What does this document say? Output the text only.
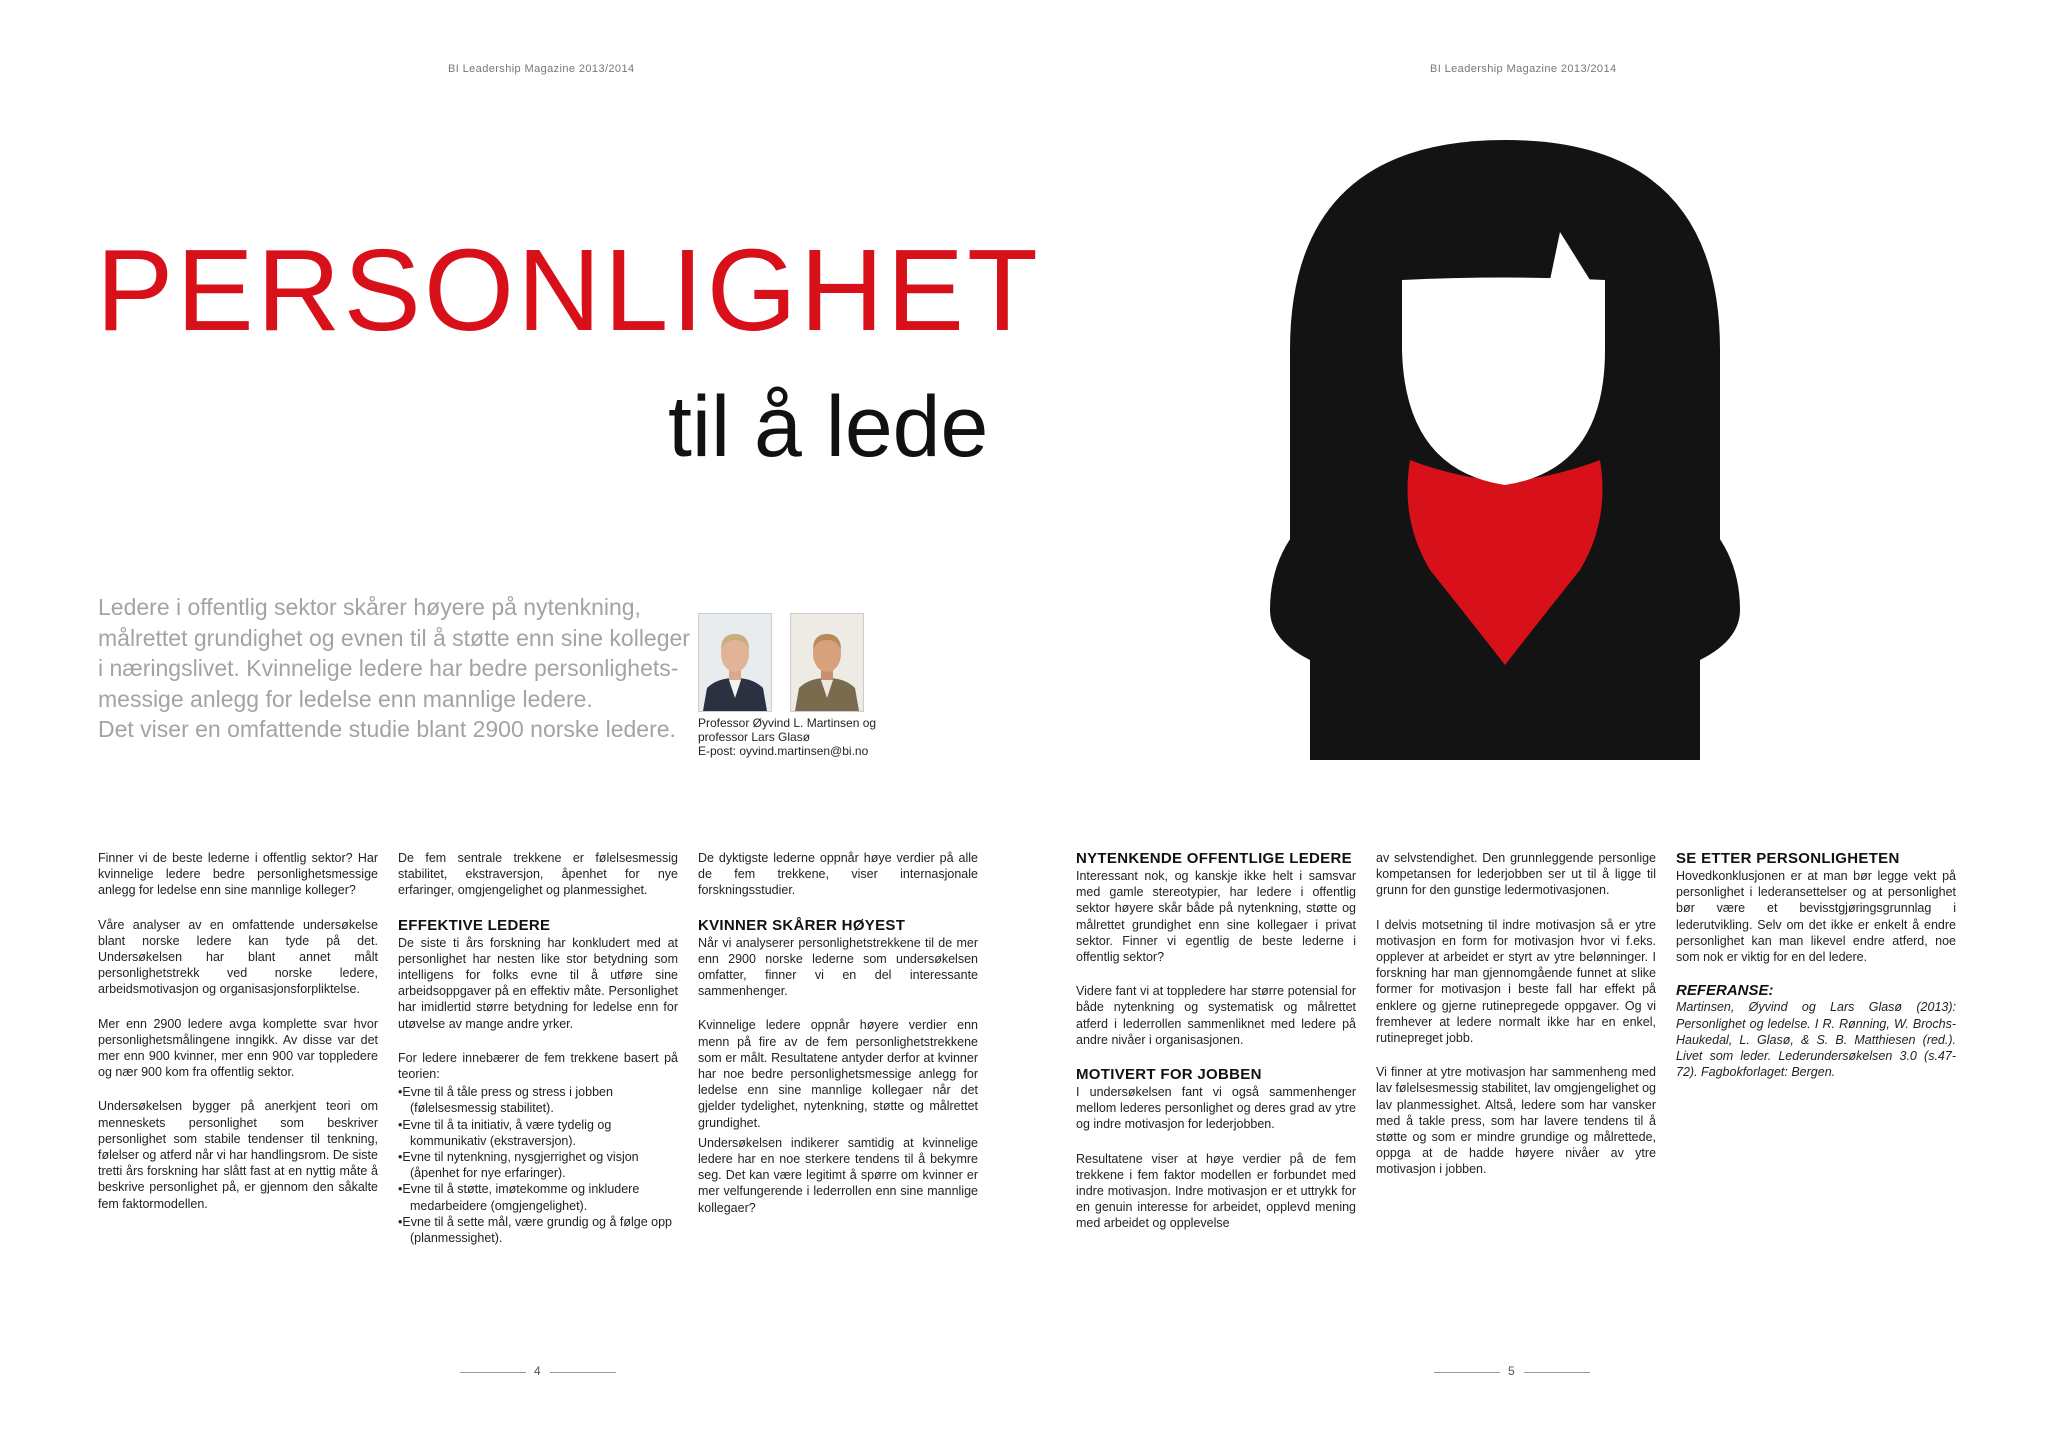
BI Leadership Magazine 2013/2014	BI Leadership Magazine 2013/2014
PERSONLIGHET
til å lede
Ledere i offentlig sektor skårer høyere på nytenkning,
målrettet grundighet og evnen til å støtte enn sine kolleger
i næringslivet. Kvinnelige ledere har bedre personlighets-
messige anlegg for ledelse enn mannlige ledere.
Det viser en omfattende studie blant 2900 norske ledere. Professor Øyvind L. Martinsen og
professor Lars Glasø
E-post: oyvind.martinsen@bi.no

Finner vi de beste lederne i offentlig sektor? Har kvinnelige ledere bedre personlighetsmessige anlegg for ledelse enn sine mannlige kolleger?

Våre analyser av en omfattende undersøkelse blant norske ledere kan tyde på det. Undersøkelsen har blant annet målt personlighetstrekk ved norske ledere, arbeidsmotivasjon og organisasjonsforpliktelse.

Mer enn 2900 ledere avga komplette svar hvor personlighetsmålingene inngikk. Av disse var det mer enn 900 kvinner, mer enn 900 var toppledere og nær 900 kom fra offentlig sektor.

Undersøkelsen bygger på anerkjent teori om menneskets personlighet som beskriver personlighet som stabile tendenser til tenkning, følelser og atferd når vi har handlingsrom. De siste tretti års forskning har slått fast at en nyttig måte å beskrive personlighet på, er gjennom den såkalte fem faktormodellen.

De fem sentrale trekkene er følelsesmessig stabilitet, ekstraversjon, åpenhet for nye erfaringer, omgjengelighet og planmessighet.

EFFEKTIVE LEDERE

De siste ti års forskning har konkludert med at personlighet har nesten like stor betydning som intelligens for folks evne til å utføre sine arbeidsoppgaver på en effektiv måte. Personlighet har imidlertid større betydning for ledelse enn for utøvelse av mange andre yrker.

For ledere innebærer de fem trekkene basert på teorien:

• Evne til å tåle press og stress i jobben (følelsesmessig stabilitet).
• Evne til å ta initiativ, å være tydelig og kommunikativ (ekstraversjon).
• Evne til nytenkning, nysgjerrighet og visjon (åpenhet for nye erfaringer).
• Evne til å støtte, imøtekomme og inkludere medarbeidere (omgjengelighet).
• Evne til å sette mål, være grundig og å følge opp (planmessighet).

De dyktigste lederne oppnår høye verdier på alle de fem trekkene, viser internasjonale forskningsstudier.

KVINNER SKÅRER HØYEST

Når vi analyserer personlighetstrekkene til de mer enn 2900 norske lederne som undersøkelsen omfatter, finner vi en del interessante sammenhenger.

Kvinnelige ledere oppnår høyere verdier enn menn på fire av de fem personlighetstrekkene som er målt. Resultatene antyder derfor at kvinner har noe bedre personlighetsmessige anlegg for ledelse enn sine mannlige kollegaer når det gjelder tydelighet, nytenkning, støtte og målrettet grundighet.

Undersøkelsen indikerer samtidig at kvinnelige ledere har en noe sterkere tendens til å bekymre seg. Det kan være legitimt å spørre om kvinner er mer velfungerende i lederrollen enn sine mannlige kollegaer?

NYTENKENDE OFFENTLIGE LEDERE

Interessant nok, og kanskje ikke helt i samsvar med gamle stereotypier, har ledere i offentlig sektor høyere skår både på nytenkning, støtte og målrettet grundighet enn sine kollegaer i privat sektor. Finner vi egentlig de beste lederne i offentlig sektor?

Videre fant vi at toppledere har større potensial for både nytenkning og systematisk og målrettet atferd i lederrollen sammenliknet med ledere på andre nivåer i organisasjonen.

MOTIVERT FOR JOBBEN

I undersøkelsen fant vi også sammenhenger mellom lederes personlighet og deres grad av ytre og indre motivasjon for lederjobben.

Resultatene viser at høye verdier på de fem trekkene i fem faktor modellen er forbundet med indre motivasjon. Indre motivasjon er et uttrykk for en genuin interesse for arbeidet, opplevd mening med arbeidet og opplevelse

av selvstendighet. Den grunnleggende personlige kompetansen for lederjobben ser ut til å ligge til grunn for den gunstige ledermotivasjonen.

I delvis motsetning til indre motivasjon så er ytre motivasjon en form for motivasjon hvor vi f.eks. opplever at arbeidet er styrt av ytre belønninger. I forskning har man gjennomgående funnet at slike former for motivasjon i beste fall har effekt på enklere og gjerne rutinepregede oppgaver. Og vi fremhever at ledere normalt ikke har en enkel, rutinepreget jobb.

Vi finner at ytre motivasjon har sammenheng med lav følelsesmessig stabilitet, lav omgjengelighet og lav planmessighet. Altså, ledere som har vansker med å takle press, som har lavere tendens til å støtte og som er mindre grundige og målrettede, oppga at de hadde høyere nivåer av ytre motivasjon i jobben.

SE ETTER PERSONLIGHETEN

Hovedkonklusjonen er at man bør legge vekt på personlighet i lederansettelser og at personlighet bør være et bevisstgjøringsgrunnlag i lederutvikling. Selv om det ikke er enkelt å endre personlighet kan man likevel endre atferd, noe som nok er viktig for en del ledere.

REFERANSE:

Martinsen, Øyvind og Lars Glasø (2013): Personlighet og ledelse. I R. Rønning, W. Brochs-Haukedal, L. Glasø, & S. B. Matthiesen (red.). Livet som leder. Lederundersøkelsen 3.0 (s.47-72). Fagbokforlaget: Bergen.

4	5
